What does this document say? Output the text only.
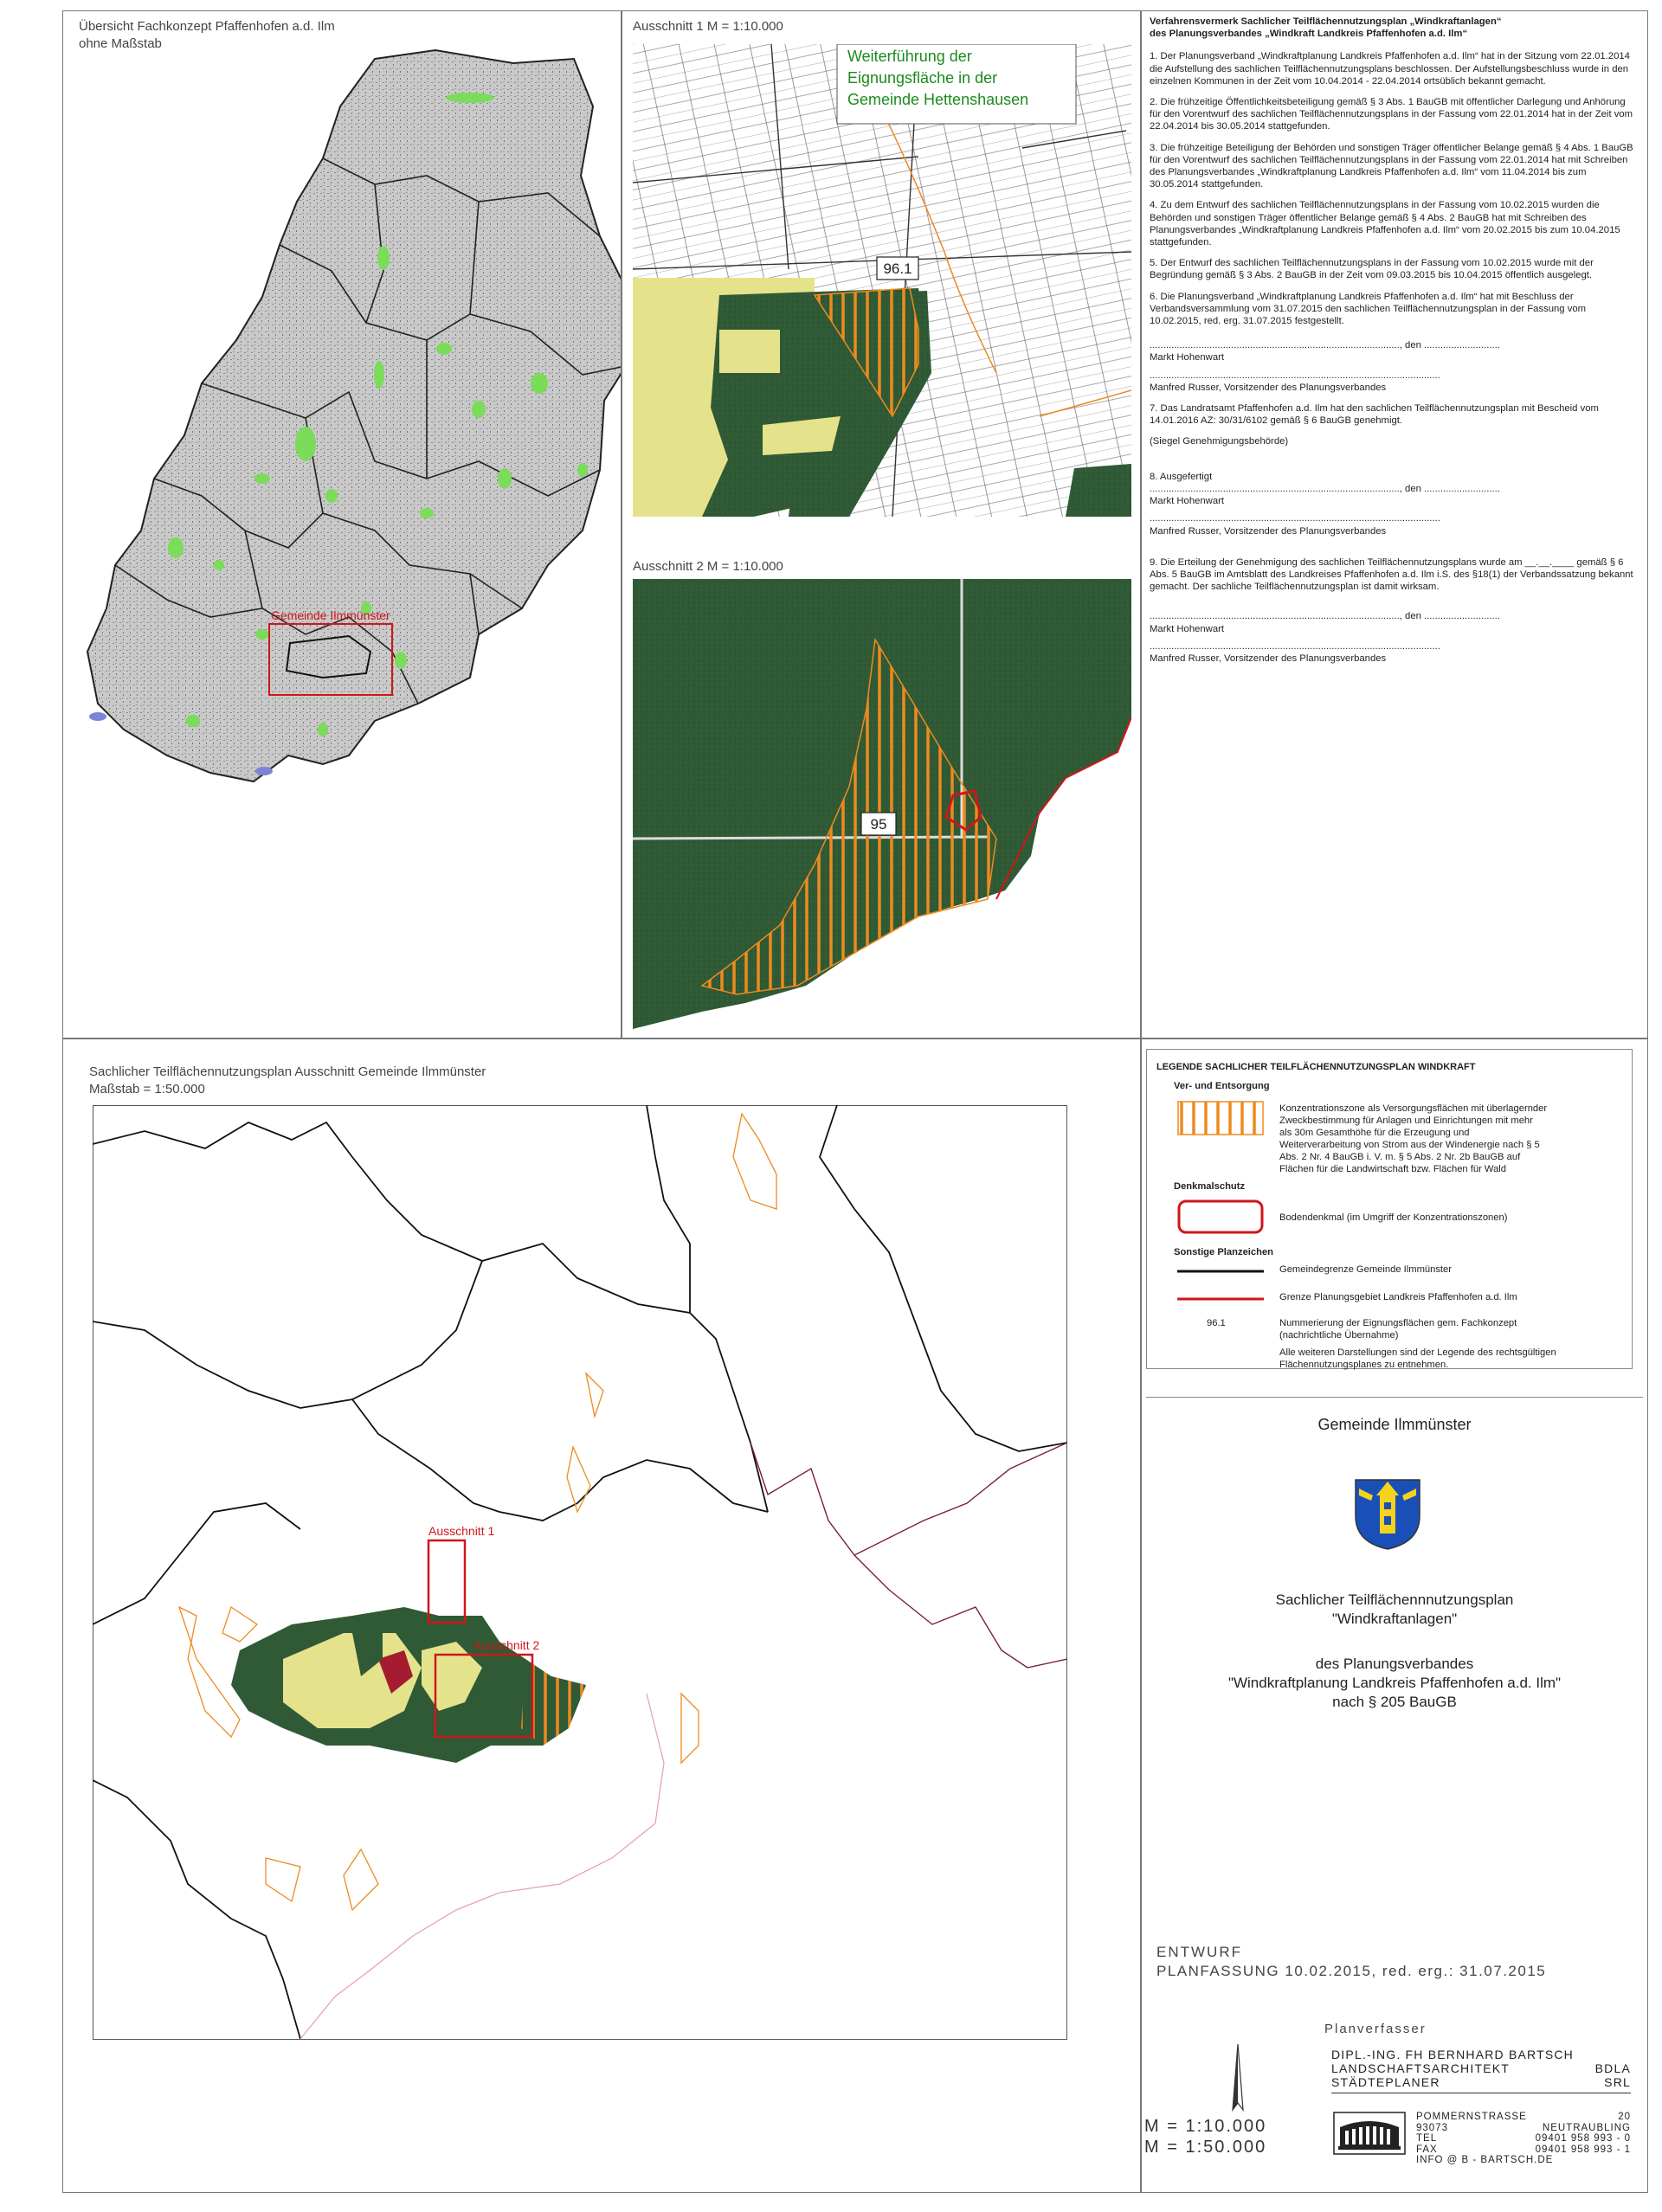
Übersicht Fachkonzept Pfaffenhofen a.d. Ilm
ohne Maßstab
Gemeinde Ilmmünster
Ausschnitt 1 M = 1:10.000
96.1
Weiterführung der
Eignungsfläche in der
Gemeinde Hettenshausen
Ausschnitt 2 M = 1:10.000
95
Verfahrensvermerk Sachlicher Teilflächennutzungsplan „Windkraftanlagen“
des Planungsverbandes „Windkraft Landkreis Pfaffenhofen a.d. Ilm“

1. Der Planungsverband „Windkraftplanung Landkreis Pfaffenhofen a.d. Ilm“ hat in der Sitzung vom 22.01.2014 die Aufstellung des sachlichen Teilflächennutzungsplans beschlossen. Der Aufstellungsbeschluss wurde in den einzelnen Kommunen in der Zeit vom 10.04.2014 - 22.04.2014 ortsüblich bekannt gemacht.

2. Die frühzeitige Öffentlichkeitsbeteiligung gemäß § 3 Abs. 1 BauGB mit öffentlicher Darlegung und Anhörung für den Vorentwurf des sachlichen Teilflächennutzungsplans in der Fassung vom 22.01.2014 hat in der Zeit vom 22.04.2014 bis 30.05.2014 stattgefunden.

3. Die frühzeitige Beteiligung der Behörden und sonstigen Träger öffentlicher Belange gemäß § 4 Abs. 1 BauGB für den Vorentwurf des sachlichen Teilflächennutzungsplans in der Fassung vom 22.01.2014 hat mit Schreiben des Planungsverbandes „Windkraftplanung Landkreis Pfaffenhofen a.d. Ilm“ vom 11.04.2014 bis zum 30.05.2014 stattgefunden.

4. Zu dem Entwurf des sachlichen Teilflächennutzungsplans in der Fassung vom 10.02.2015 wurden die Behörden und sonstigen Träger öffentlicher Belange gemäß § 4 Abs. 2 BauGB hat mit Schreiben des Planungsverbandes „Windkraftplanung Landkreis Pfaffenhofen a.d. Ilm“ vom 20.02.2015 bis zum 10.04.2015 stattgefunden.

5. Der Entwurf des sachlichen Teilflächennutzungsplans in der Fassung vom 10.02.2015 wurde mit der Begründung gemäß § 3 Abs. 2 BauGB in der Zeit vom 09.03.2015 bis 10.04.2015 öffentlich ausgelegt.

6. Die Planungsverband „Windkraftplanung Landkreis Pfaffenhofen a.d. Ilm“ hat mit Beschluss der Verbandsversammlung vom 31.07.2015 den sachlichen Teilflächennutzungsplan in der Fassung vom 10.02.2015, red. erg. 31.07.2015 festgestellt.

............................................................................................, den ............................
Markt Hohenwart
...........................................................................................................
Manfred Russer, Vorsitzender des Planungsverbandes

7. Das Landratsamt Pfaffenhofen a.d. Ilm hat den sachlichen Teilflächennutzungsplan mit Bescheid vom 14.01.2016 AZ: 30/31/6102 gemäß § 6 BauGB genehmigt.

(Siegel Genehmigungsbehörde)

8. Ausgefertigt
............................................................................................, den ............................
Markt Hohenwart
...........................................................................................................
Manfred Russer, Vorsitzender des Planungsverbandes

9. Die Erteilung der Genehmigung des sachlichen Teilflächennutzungsplans wurde am __.__.____ gemäß § 6 Abs. 5 BauGB im Amtsblatt des Landkreises Pfaffenhofen a.d. Ilm i.S. des §18(1) der Verbandssatzung bekannt gemacht. Der sachliche Teilflächennutzungsplan ist damit wirksam.

............................................................................................, den ............................
Markt Hohenwart
...........................................................................................................
Manfred Russer, Vorsitzender des Planungsverbandes
Sachlicher Teilflächennutzungsplan Ausschnitt Gemeinde Ilmmünster
Maßstab = 1:50.000
Ausschnitt 1
Ausschnitt 2
LEGENDE SACHLICHER TEILFLÄCHENNUTZUNGSPLAN WINDKRAFT
Ver- und Entsorgung
Konzentrationszone als Versorgungsflächen mit überlagernder Zweckbestimmung für Anlagen und Einrichtungen mit mehr als 30m Gesamthöhe für die Erzeugung und Weiterverarbeitung von Strom aus der Windenergie nach § 5 Abs. 2 Nr. 4 BauGB i. V. m. § 5 Abs. 2 Nr. 2b BauGB auf Flächen für die Landwirtschaft bzw. Flächen für Wald
Denkmalschutz
Bodendenkmal (im Umgriff der Konzentrationszonen)
Sonstige Planzeichen
Gemeindegrenze Gemeinde Ilmmünster
Grenze Planungsgebiet Landkreis Pfaffenhofen a.d. Ilm
96.1	Nummerierung der Eignungsflächen gem. Fachkonzept (nachrichtliche Übernahme)
Alle weiteren Darstellungen sind der Legende des rechtsgültigen Flächennutzungsplanes zu entnehmen.
Gemeinde Ilmmünster
Sachlicher Teilflächennnutzungsplan
"Windkraftanlagen"
des Planungsverbandes
"Windkraftplanung Landkreis Pfaffenhofen a.d. Ilm"
nach § 205 BauGB
ENTWURF
PLANFASSUNG 10.02.2015, red. erg.: 31.07.2015
Planverfasser
DIPL.-ING. FH BERNHARD BARTSCH
LANDSCHAFTSARCHITEKT	BDLA
STÄDTEPLANER	SRL
POMMERNSTRASSE	20
93073	NEUTRAUBLING
TEL	09401 958 993 - 0
FAX	09401 958 993 - 1
INFO @ B - BARTSCH.DE
M = 1:10.000
M = 1:50.000
